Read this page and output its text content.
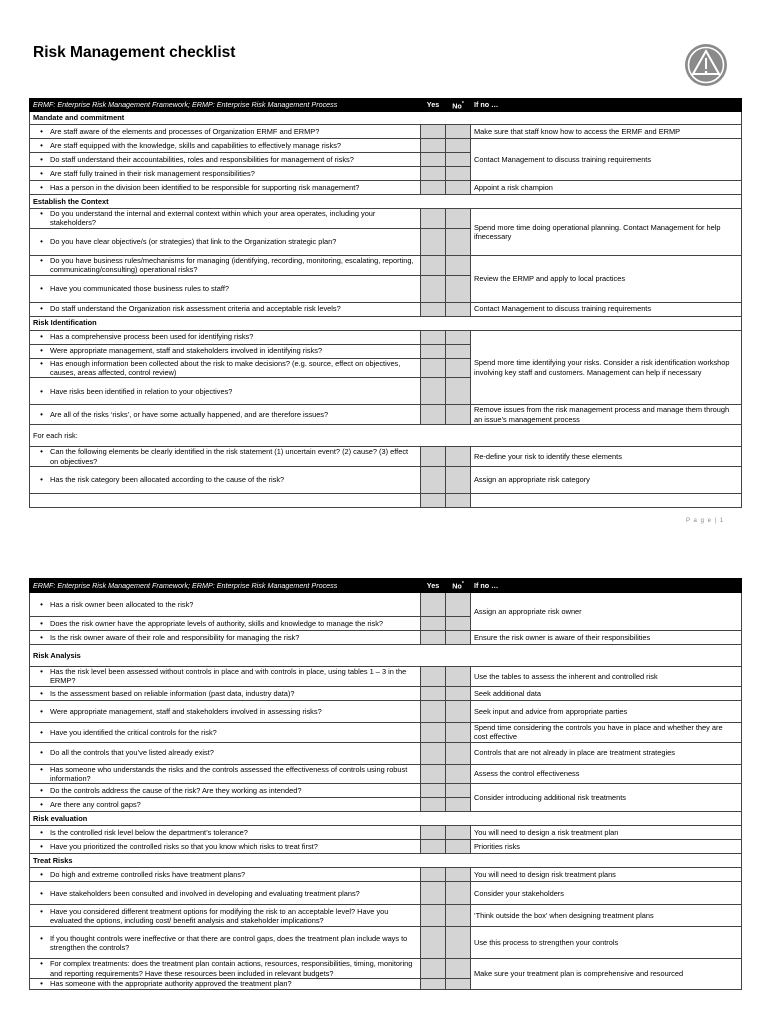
Risk Management checklist
ERMF: Enterprise Risk Management Framework; ERMP: Enterprise Risk Management Process	Yes	No*	If no …
Mandate and commitment			

• Are staff aware of the elements and processes of Organization ERMF and ERMP?			Make sure that staff know how to access the ERMF and ERMP

• Are staff equipped with the knowledge, skills and capabilities to effectively manage risks?			Contact Management to discuss training requirements

• Do staff understand their accountabilities, roles and responsibilities for management of risks?			

• Are staff fully trained in their risk management responsibilities?			

• Has a person in the division been identified to be responsible for supporting risk management?			Appoint a risk champion
Establish the Context			

• Do you understand the internal and external context within which your area operates, including your stakeholders?			Spend more time doing operational planning. Contact Management for help ifnecessary

• Do you have clear objective/s (or strategies) that link to the Organization strategic plan?			

• Do you have business rules/mechanisms for managing (identifying, recording, monitoring, escalating, reporting, communicating/consulting) operational risks?			Review the ERMP and apply to local practices

• Have you communicated those business rules to staff?			

• Do staff understand the Organization risk assessment criteria and acceptable risk levels?			Contact Management to discuss training requirements
Risk Identification			

• Has a comprehensive process been used for identifying risks?			Spend more time identifying your risks. Consider a risk identification workshop involving key staff and customers. Management can help if necessary

• Were appropriate management, staff and stakeholders involved in identifying risks?			

• Has enough information been collected about the risk to make decisions? (e.g. source, effect on objectives, causes, areas affected, control review)			

• Have risks been identified in relation to your objectives?			

• Are all of the risks ‘risks’, or have some actually happened, and are therefore issues?			Remove issues from the risk management process and manage them through an issue’s management process
For each risk:			

• Can the following elements be clearly identified in the risk statement (1) uncertain event? (2) cause? (3) effect on objectives?			Re-define your risk to identify these elements

• Has the risk category been allocated according to the cause of the risk?			Assign an appropriate risk category

P a g e | 1
ERMF: Enterprise Risk Management Framework; ERMP: Enterprise Risk Management Process	Yes	No*	If no …

• Has a risk owner been allocated to the risk?			Assign an appropriate risk owner

• Does the risk owner have the appropriate levels of authority, skills and knowledge to manage the risk?			

• Is the risk owner aware of their role and responsibility for managing the risk?			Ensure the risk owner is aware of their responsibilities
Risk Analysis			

• Has the risk level been assessed without controls in place and with controls in place, using tables 1 – 3 in the ERMP?			Use the tables to assess the inherent and controlled risk

• Is the assessment based on reliable information (past data, industry data)?			Seek additional data

• Were appropriate management, staff and stakeholders involved in assessing risks?			Seek input and advice from appropriate parties

• Have you identified the critical controls for the risk?			Spend time considering the controls you have in place and whether they are cost effective

• Do all the controls that you’ve listed already exist?			Controls that are not already in place are treatment strategies

• Has someone who understands the risks and the controls assessed the effectiveness of controls using robust information?			Assess the control effectiveness

• Do the controls address the cause of the risk? Are they working as intended?			Consider introducing additional risk treatments

• Are there any control gaps?			

Risk evaluation			

• Is the controlled risk level below the department’s tolerance?			You will need to design a risk treatment plan

• Have you prioritized the controlled risks so that you know which risks to treat first?			Priorities risks
Treat Risks			

• Do high and extreme controlled risks have treatment plans?			You will need to design risk treatment plans

• Have stakeholders been consulted and involved in developing and evaluating treatment plans?			Consider your stakeholders

• Have you considered different treatment options for modifying the risk to an acceptable level? Have you evaluated the options, including cost/ benefit analysis and stakeholder implications?			‘Think outside the box’ when designing treatment plans

• If you thought controls were ineffective or that there are control gaps, does the treatment plan include ways to strengthen the controls?			Use this process to strengthen your controls

• For complex treatments: does the treatment plan contain actions, resources, responsibilities, timing, monitoring and reporting requirements? Have these resources been included in relevant budgets?			Make sure your treatment plan is comprehensive and resourced

• Has someone with the appropriate authority approved the treatment plan?			
